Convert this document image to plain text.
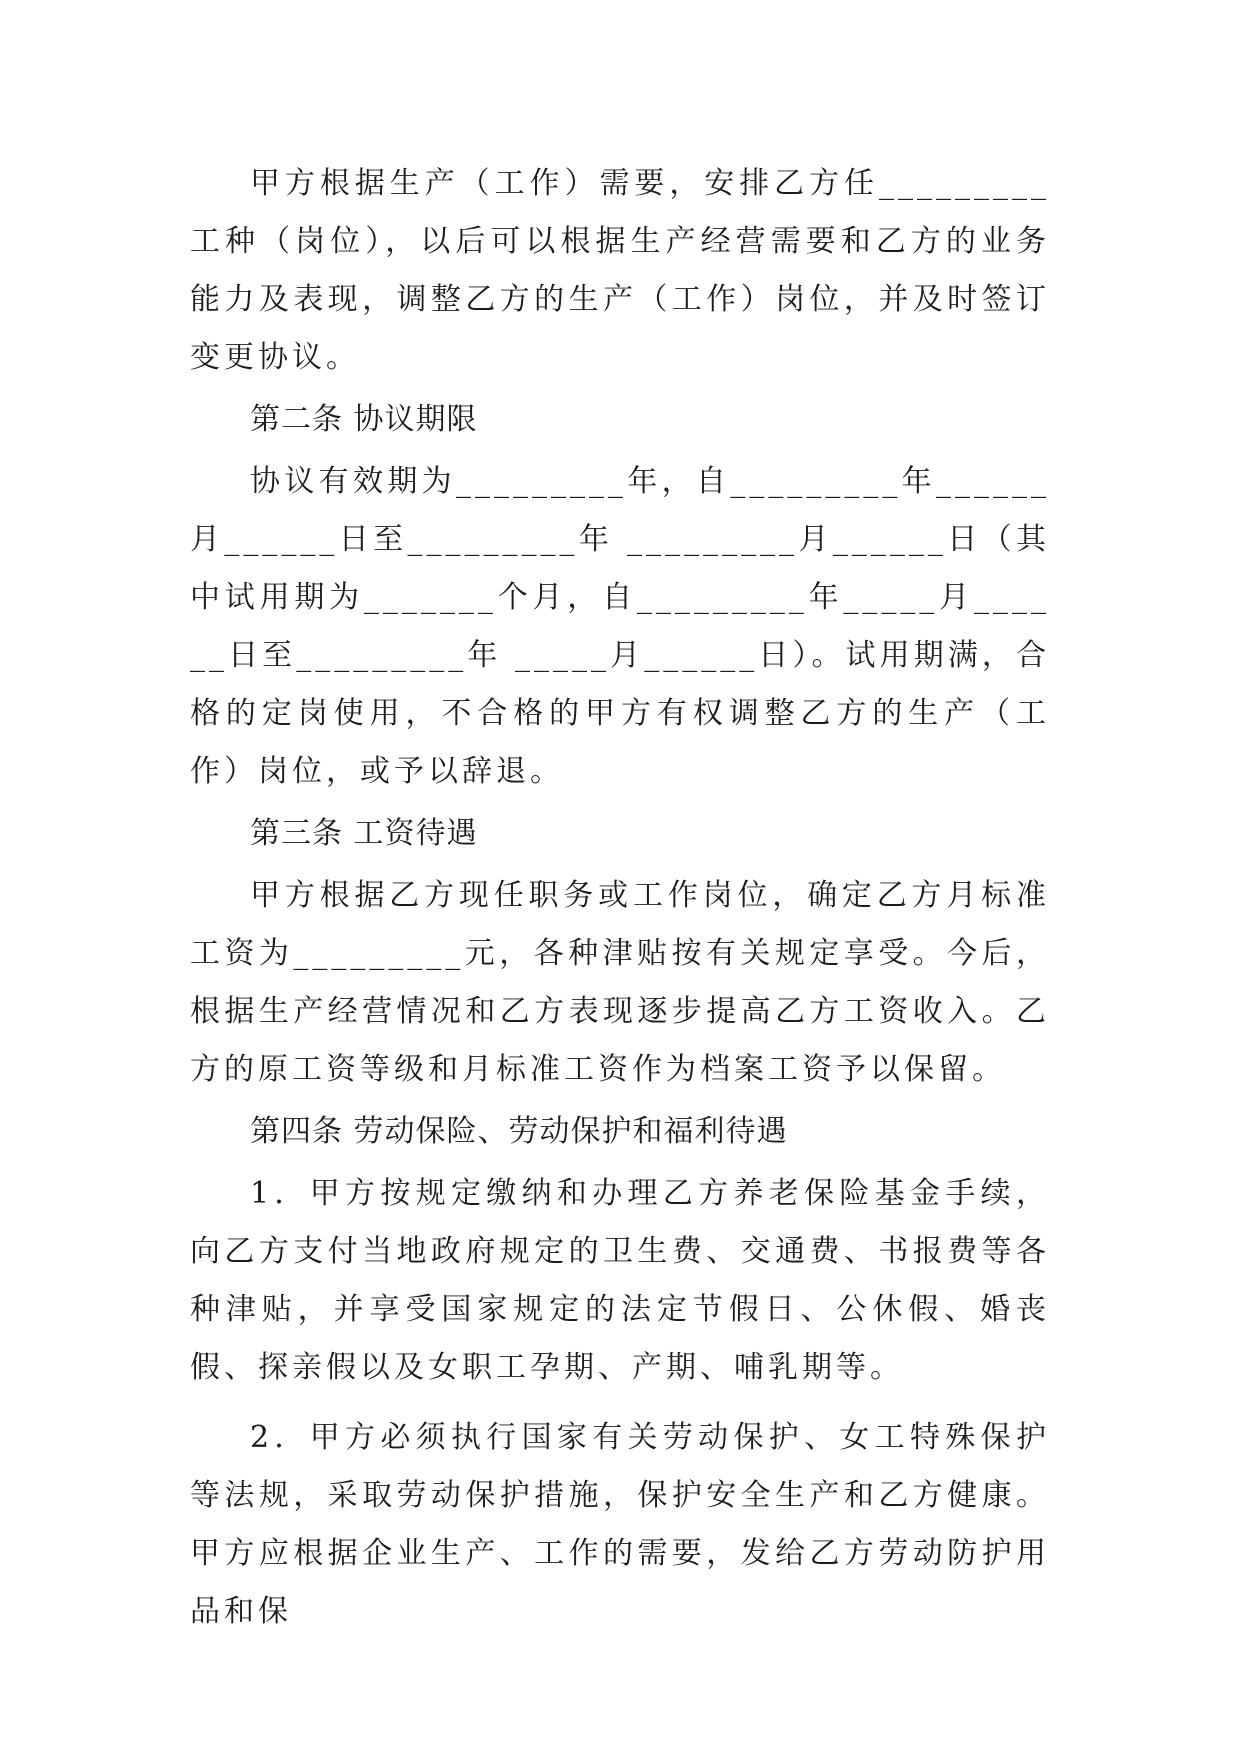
甲方根据生产（工作）需要，安排乙方任_________工种（岗位），以后可以根据生产经营需要和乙方的业务能力及表现，调整乙方的生产（工作）岗位，并及时签订变更协议。

第二条 协议期限

协议有效期为_________年，自_________年______月______日至_________年 _________月______日（其中试用期为_______个月，自_________年_____月______日至_________年 _____月______日）。试用期满，合格的定岗使用，不合格的甲方有权调整乙方的生产（工作）岗位，或予以辞退。

第三条 工资待遇

甲方根据乙方现任职务或工作岗位，确定乙方月标准工资为_________元，各种津贴按有关规定享受。今后，根据生产经营情况和乙方表现逐步提高乙方工资收入。乙方的原工资等级和月标准工资作为档案工资予以保留。

第四条 劳动保险、劳动保护和福利待遇

1．甲方按规定缴纳和办理乙方养老保险基金手续，向乙方支付当地政府规定的卫生费、交通费、书报费等各种津贴，并享受国家规定的法定节假日、公休假、婚丧假、探亲假以及女职工孕期、产期、哺乳期等。

2．甲方必须执行国家有关劳动保护、女工特殊保护等法规，采取劳动保护措施，保护安全生产和乙方健康。甲方应根据企业生产、工作的需要，发给乙方劳动防护用品和保
